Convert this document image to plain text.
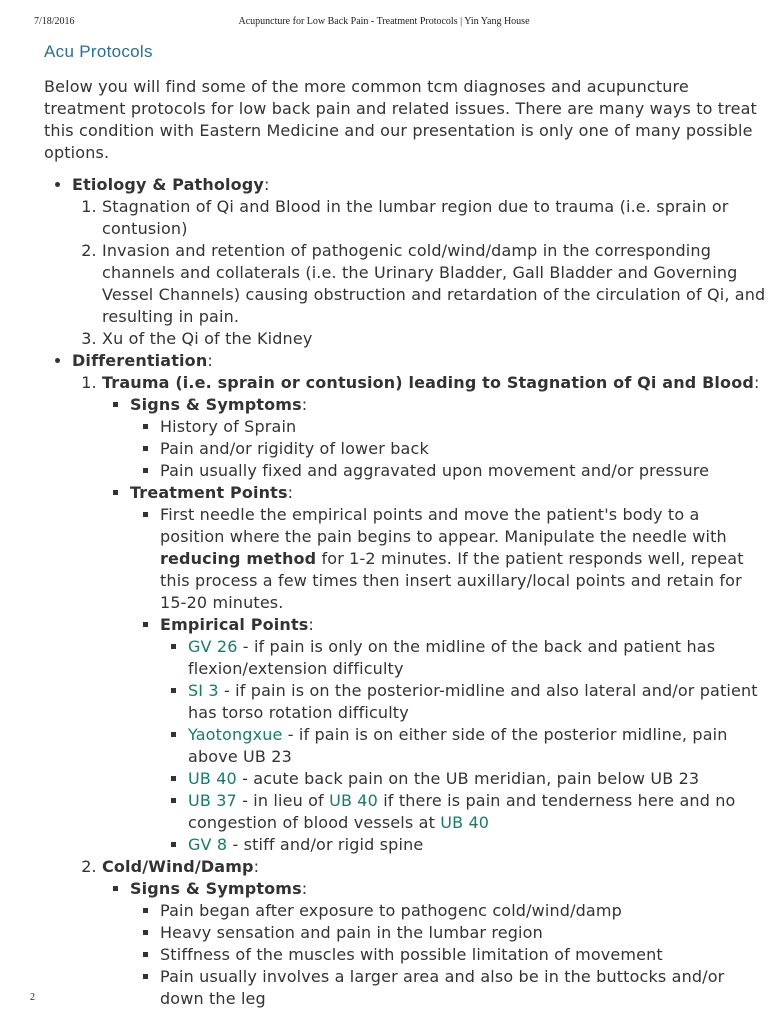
7/18/2016	Acupuncture for Low Back Pain - Treatment Protocols | Yin Yang House
Acu Protocols

Below you will find some of the more common tcm diagnoses and acupuncture treatment protocols for low back pain and related issues. There are many ways to treat this condition with Eastern Medicine and our presentation is only one of many possible options.

• Etiology & Pathology:
1. Stagnation of Qi and Blood in the lumbar region due to trauma (i.e. sprain or contusion)
2. Invasion and retention of pathogenic cold/wind/damp in the corresponding channels and collaterals (i.e. the Urinary Bladder, Gall Bladder and Governing Vessel Channels) causing obstruction and retardation of the circulation of Qi, and resulting in pain.
3. Xu of the Qi of the Kidney
• Differentiation:
1. Trauma (i.e. sprain or contusion) leading to Stagnation of Qi and Blood:
▪ Signs & Symptoms:
▪ History of Sprain
▪ Pain and/or rigidity of lower back
▪ Pain usually fixed and aggravated upon movement and/or pressure
▪ Treatment Points:
▪ First needle the empirical points and move the patient's body to a position where the pain begins to appear. Manipulate the needle with reducing method for 1-2 minutes. If the patient responds well, repeat this process a few times then insert auxillary/local points and retain for 15-20 minutes.
▪ Empirical Points:
▪ GV 26 - if pain is only on the midline of the back and patient has flexion/extension difficulty
▪ SI 3 - if pain is on the posterior-midline and also lateral and/or patient has torso rotation difficulty
▪ Yaotongxue - if pain is on either side of the posterior midline, pain above UB 23
▪ UB 40 - acute back pain on the UB meridian, pain below UB 23
▪ UB 37 - in lieu of UB 40 if there is pain and tenderness here and no congestion of blood vessels at UB 40
▪ GV 8 - stiff and/or rigid spine
2. Cold/Wind/Damp:
▪ Signs & Symptoms:
▪ Pain began after exposure to pathogenc cold/wind/damp
▪ Heavy sensation and pain in the lumbar region
▪ Stiffness of the muscles with possible limitation of movement
▪ Pain usually involves a larger area and also be in the buttocks and/or down the leg
2
